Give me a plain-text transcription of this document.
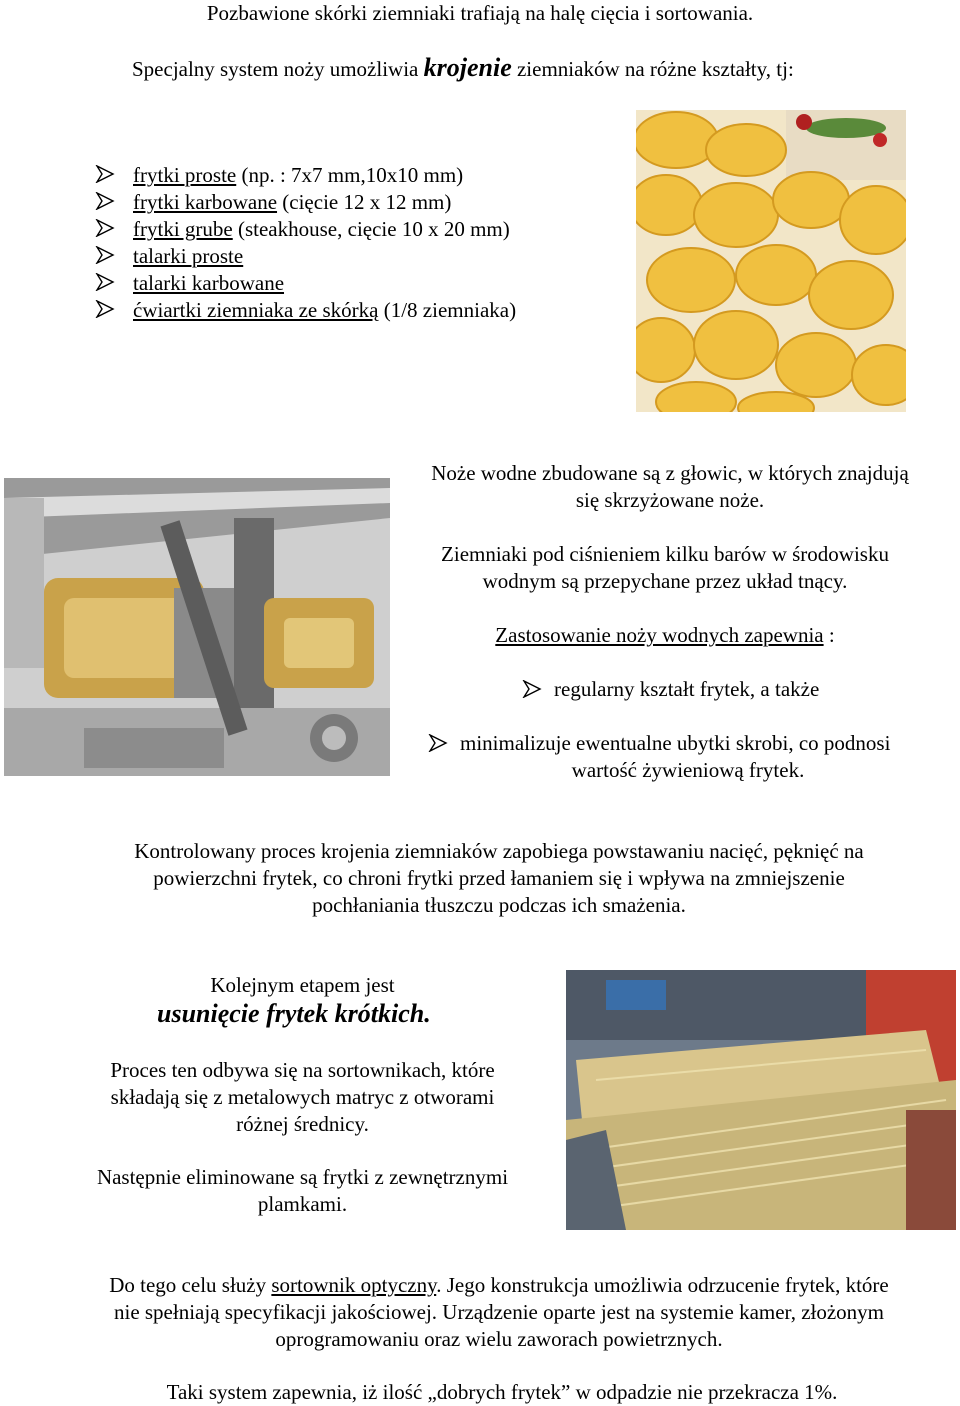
Pozbawione skórki ziemniaki trafiają na halę cięcia i sortowania.
Specjalny system noży umożliwia krojenie ziemniaków na różne kształty, tj:
frytki proste (np. : 7x7 mm,10x10 mm)
frytki karbowane (cięcie 12 x 12 mm)
frytki grube (steakhouse, cięcie 10 x 20 mm)
talarki proste
talarki karbowane
ćwiartki ziemniaka ze skórką (1/8 ziemniaka)
Noże wodne zbudowane są z głowic, w których znajdują
się skrzyżowane noże.
Ziemniaki pod ciśnieniem kilku barów w środowisku
wodnym są przepychane przez układ tnący.
Zastosowanie noży wodnych zapewnia :
regularny kształt frytek, a także
minimalizuje ewentualne ubytki skrobi, co podnosi
wartość żywieniową frytek.
Kontrolowany proces krojenia ziemniaków zapobiega powstawaniu nacięć, pęknięć na
powierzchni frytek, co chroni frytki przed łamaniem się i wpływa na zmniejszenie
pochłaniania tłuszczu podczas ich smażenia.
Kolejnym etapem jest
usunięcie frytek krótkich.
Proces ten odbywa się na sortownikach, które
składają się z metalowych matryc z otworami
różnej średnicy.
Następnie eliminowane są frytki z zewnętrznymi
plamkami.
Do tego celu służy sortownik optyczny. Jego konstrukcja umożliwia odrzucenie frytek, które
nie spełniają specyfikacji jakościowej. Urządzenie oparte jest na systemie kamer, złożonym
oprogramowaniu oraz wielu zaworach powietrznych.
Taki system zapewnia, iż ilość „dobrych frytek” w odpadzie nie przekracza 1%.
